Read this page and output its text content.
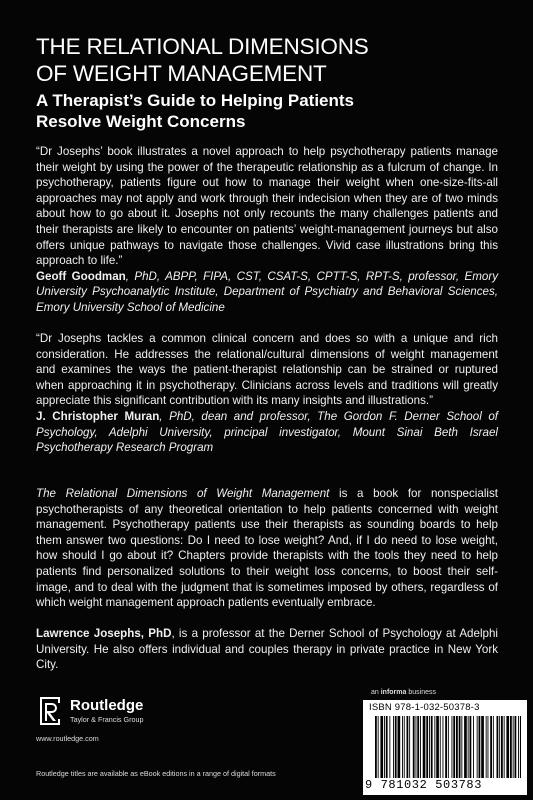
THE RELATIONAL DIMENSIONS
OF WEIGHT MANAGEMENT
A Therapist’s Guide to Helping Patients
Resolve Weight Concerns
“Dr Josephs’ book illustrates a novel approach to help psychotherapy patients manage their weight by using the power of the therapeutic relationship as a fulcrum of change. In psychotherapy, patients figure out how to manage their weight when one-size-fits-all approaches may not apply and work through their indecision when they are of two minds about how to go about it. Josephs not only recounts the many challenges patients and their therapists are likely to encounter on patients’ weight-management journeys but also offers unique pathways to navigate those challenges. Vivid case illustrations bring this approach to life.”
Geoff Goodman, PhD, ABPP, FIPA, CST, CSAT-S, CPTT-S, RPT-S, professor, Emory University Psychoanalytic Institute, Department of Psychiatry and Behavioral Sciences, Emory University School of Medicine
“Dr Josephs tackles a common clinical concern and does so with a unique and rich consideration. He addresses the relational/cultural dimensions of weight management and examines the ways the patient-therapist relationship can be strained or ruptured when approaching it in psychotherapy. Clinicians across levels and traditions will greatly appreciate this significant contribution with its many insights and illustrations.”
J. Christopher Muran, PhD, dean and professor, The Gordon F. Derner School of Psychology, Adelphi University, principal investigator, Mount Sinai Beth Israel Psychotherapy Research Program
The Relational Dimensions of Weight Management is a book for nonspecialist psychotherapists of any theoretical orientation to help patients concerned with weight management. Psychotherapy patients use their therapists as sounding boards to help them answer two questions: Do I need to lose weight? And, if I do need to lose weight, how should I go about it? Chapters provide therapists with the tools they need to help patients find personalized solutions to their weight loss concerns, to boost their self-image, and to deal with the judgment that is sometimes imposed by others, regardless of which weight management approach patients eventually embrace.
Lawrence Josephs, PhD, is a professor at the Derner School of Psychology at Adelphi University. He also offers individual and couples therapy in private practice in New York City.
Routledge
Taylor & Francis Group
www.routledge.com
Routledge titles are available as eBook editions in a range of digital formats
an informa business
ISBN 978-1-032-50378-3
9 781032 503783
